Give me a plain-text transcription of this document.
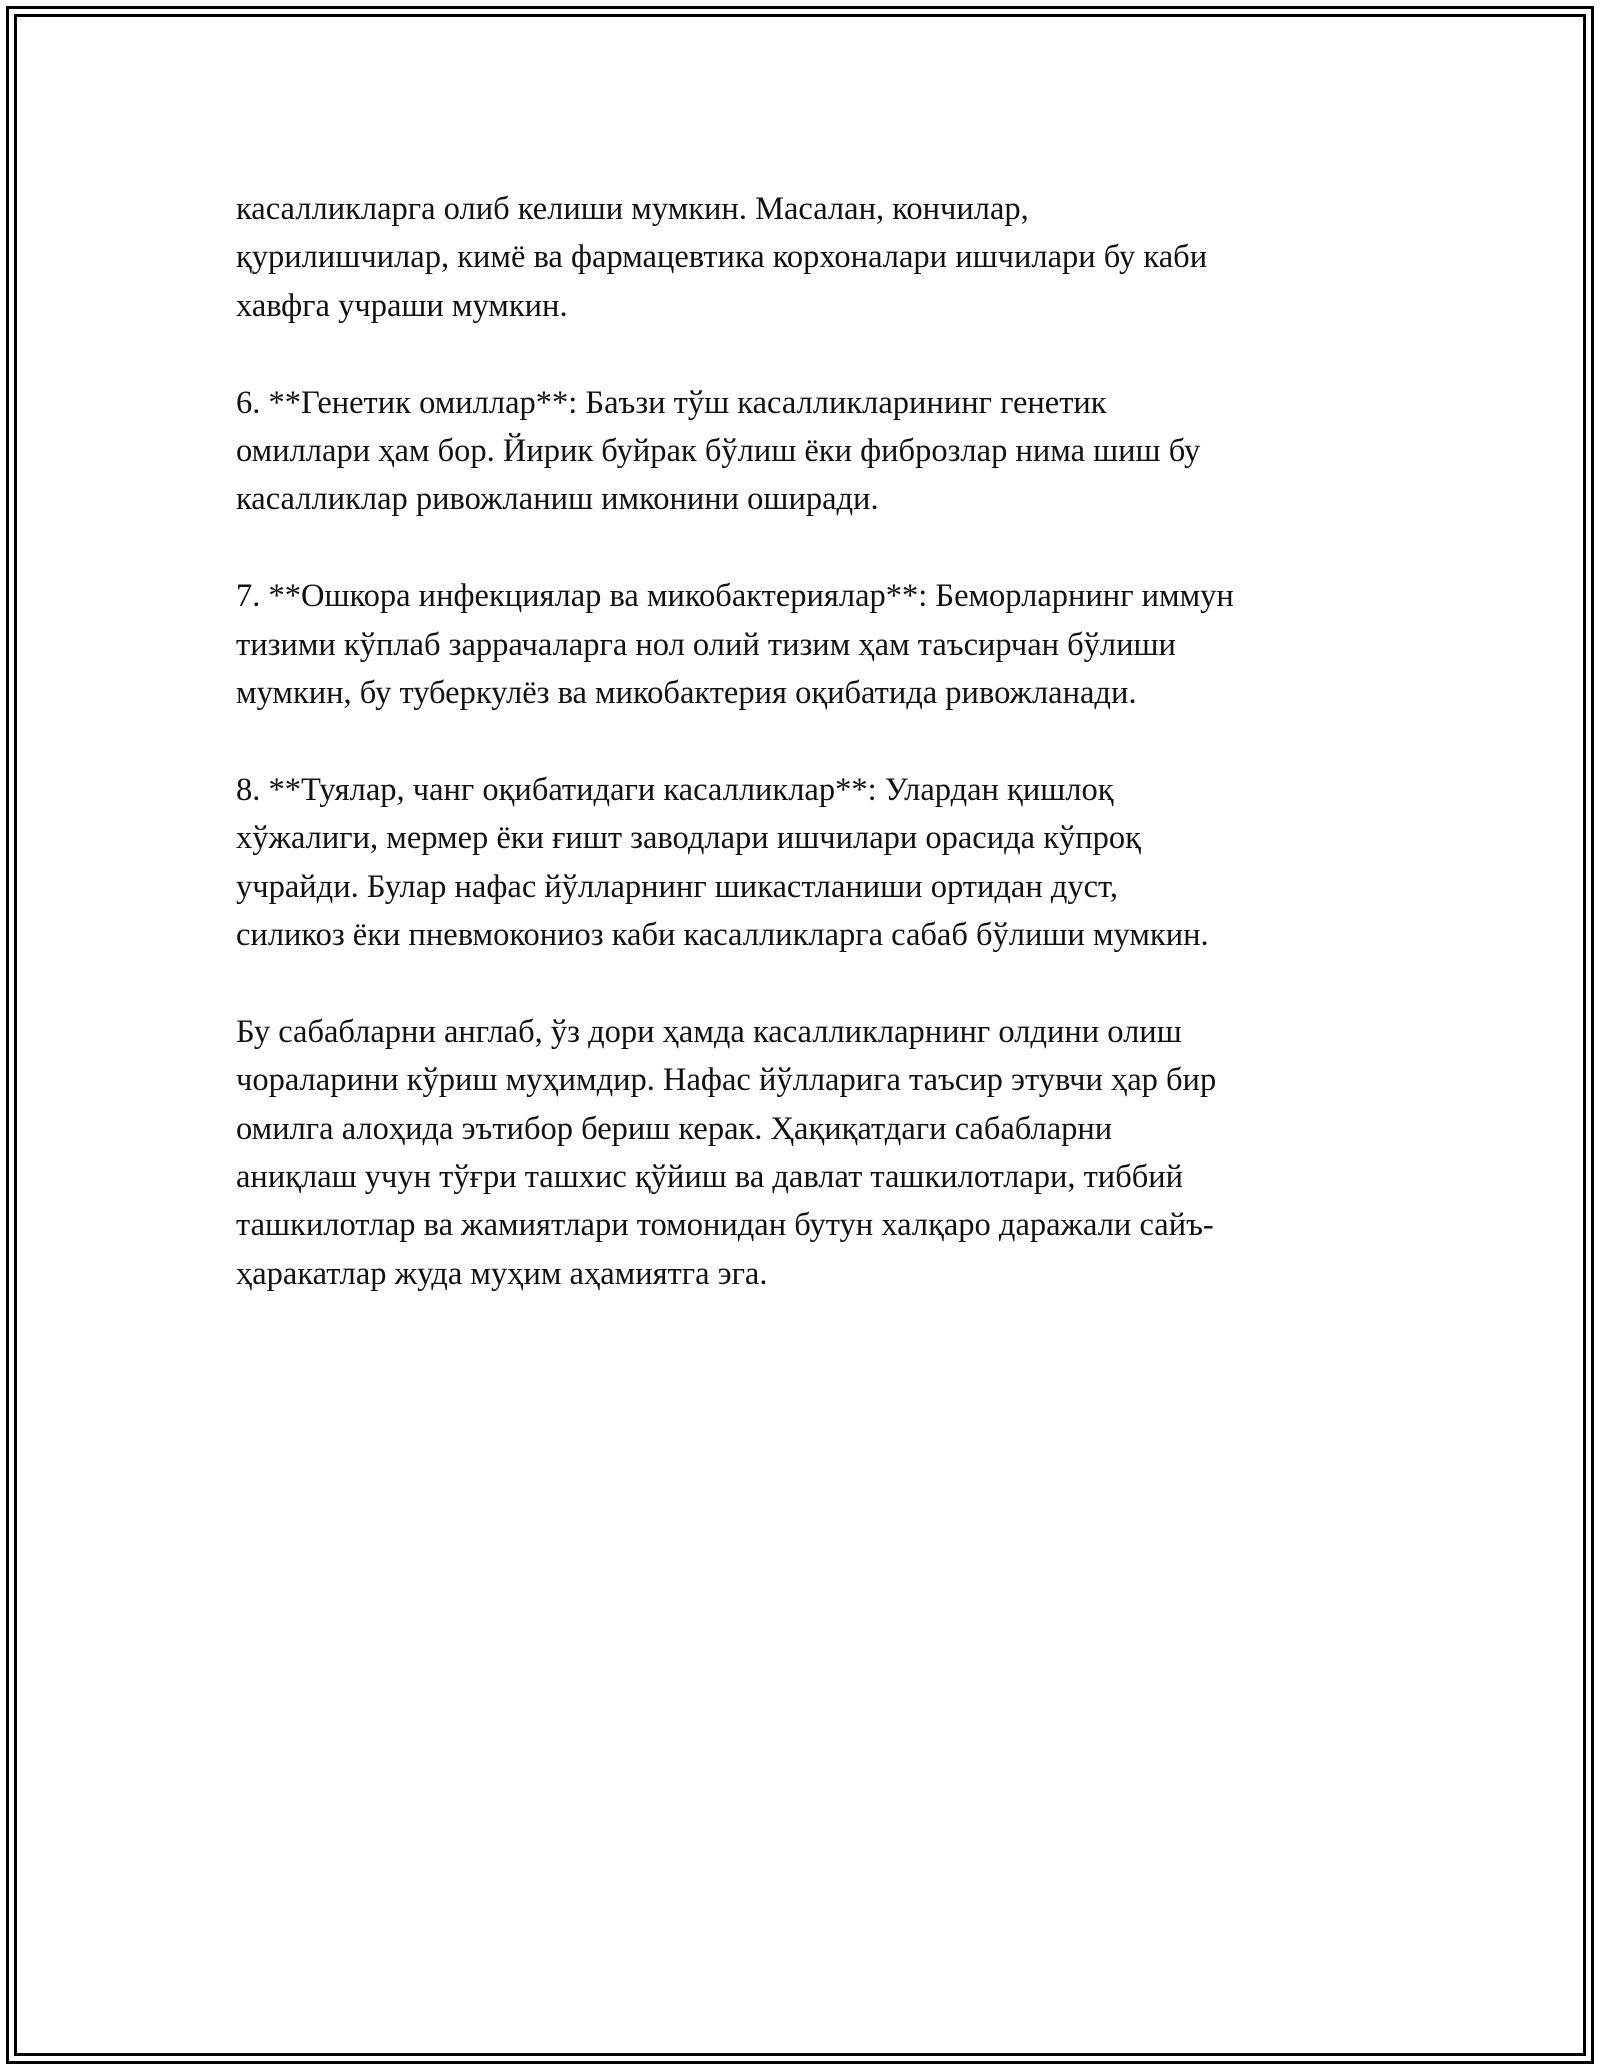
касалликларга олиб келиши мумкин. Масалан, кончилар,
қурилишчилар, кимё ва фармацевтика корхоналари ишчилари бу каби
хавфга учраши мумкин.

6. **Генетик омиллар**: Баъзи тўш касалликларининг генетик
омиллари ҳам бор. Йирик буйрак бўлиш ёки фиброзлар нима шиш бу
касалликлар ривожланиш имконини оширади.

7. **Ошкора инфекциялар ва микобактериялар**: Беморларнинг иммун
тизими кўплаб заррачаларга нол олий тизим ҳам таъсирчан бўлиши
мумкин, бу туберкулёз ва микобактерия оқибатида ривожланади.

8. **Туялар, чанг оқибатидаги касалликлар**: Улардан қишлоқ
хўжалиги, мермер ёки ғишт заводлари ишчилари орасида кўпроқ
учрайди. Булар нафас йўлларнинг шикастланиши ортидан дуст,
силикоз ёки пневмокониоз каби касалликларга сабаб бўлиши мумкин.

Бу сабабларни англаб, ўз дори ҳамда касалликларнинг олдини олиш
чораларини кўриш муҳимдир. Нафас йўлларига таъсир этувчи ҳар бир
омилга алоҳида эътибор бериш керак. Ҳақиқатдаги сабабларни
аниқлаш учун тўғри ташхис қўйиш ва давлат ташкилотлари, тиббий
ташкилотлар ва жамиятлари томонидан бутун халқаро даражали сайъ-
ҳаракатлар жуда муҳим аҳамиятга эга.
